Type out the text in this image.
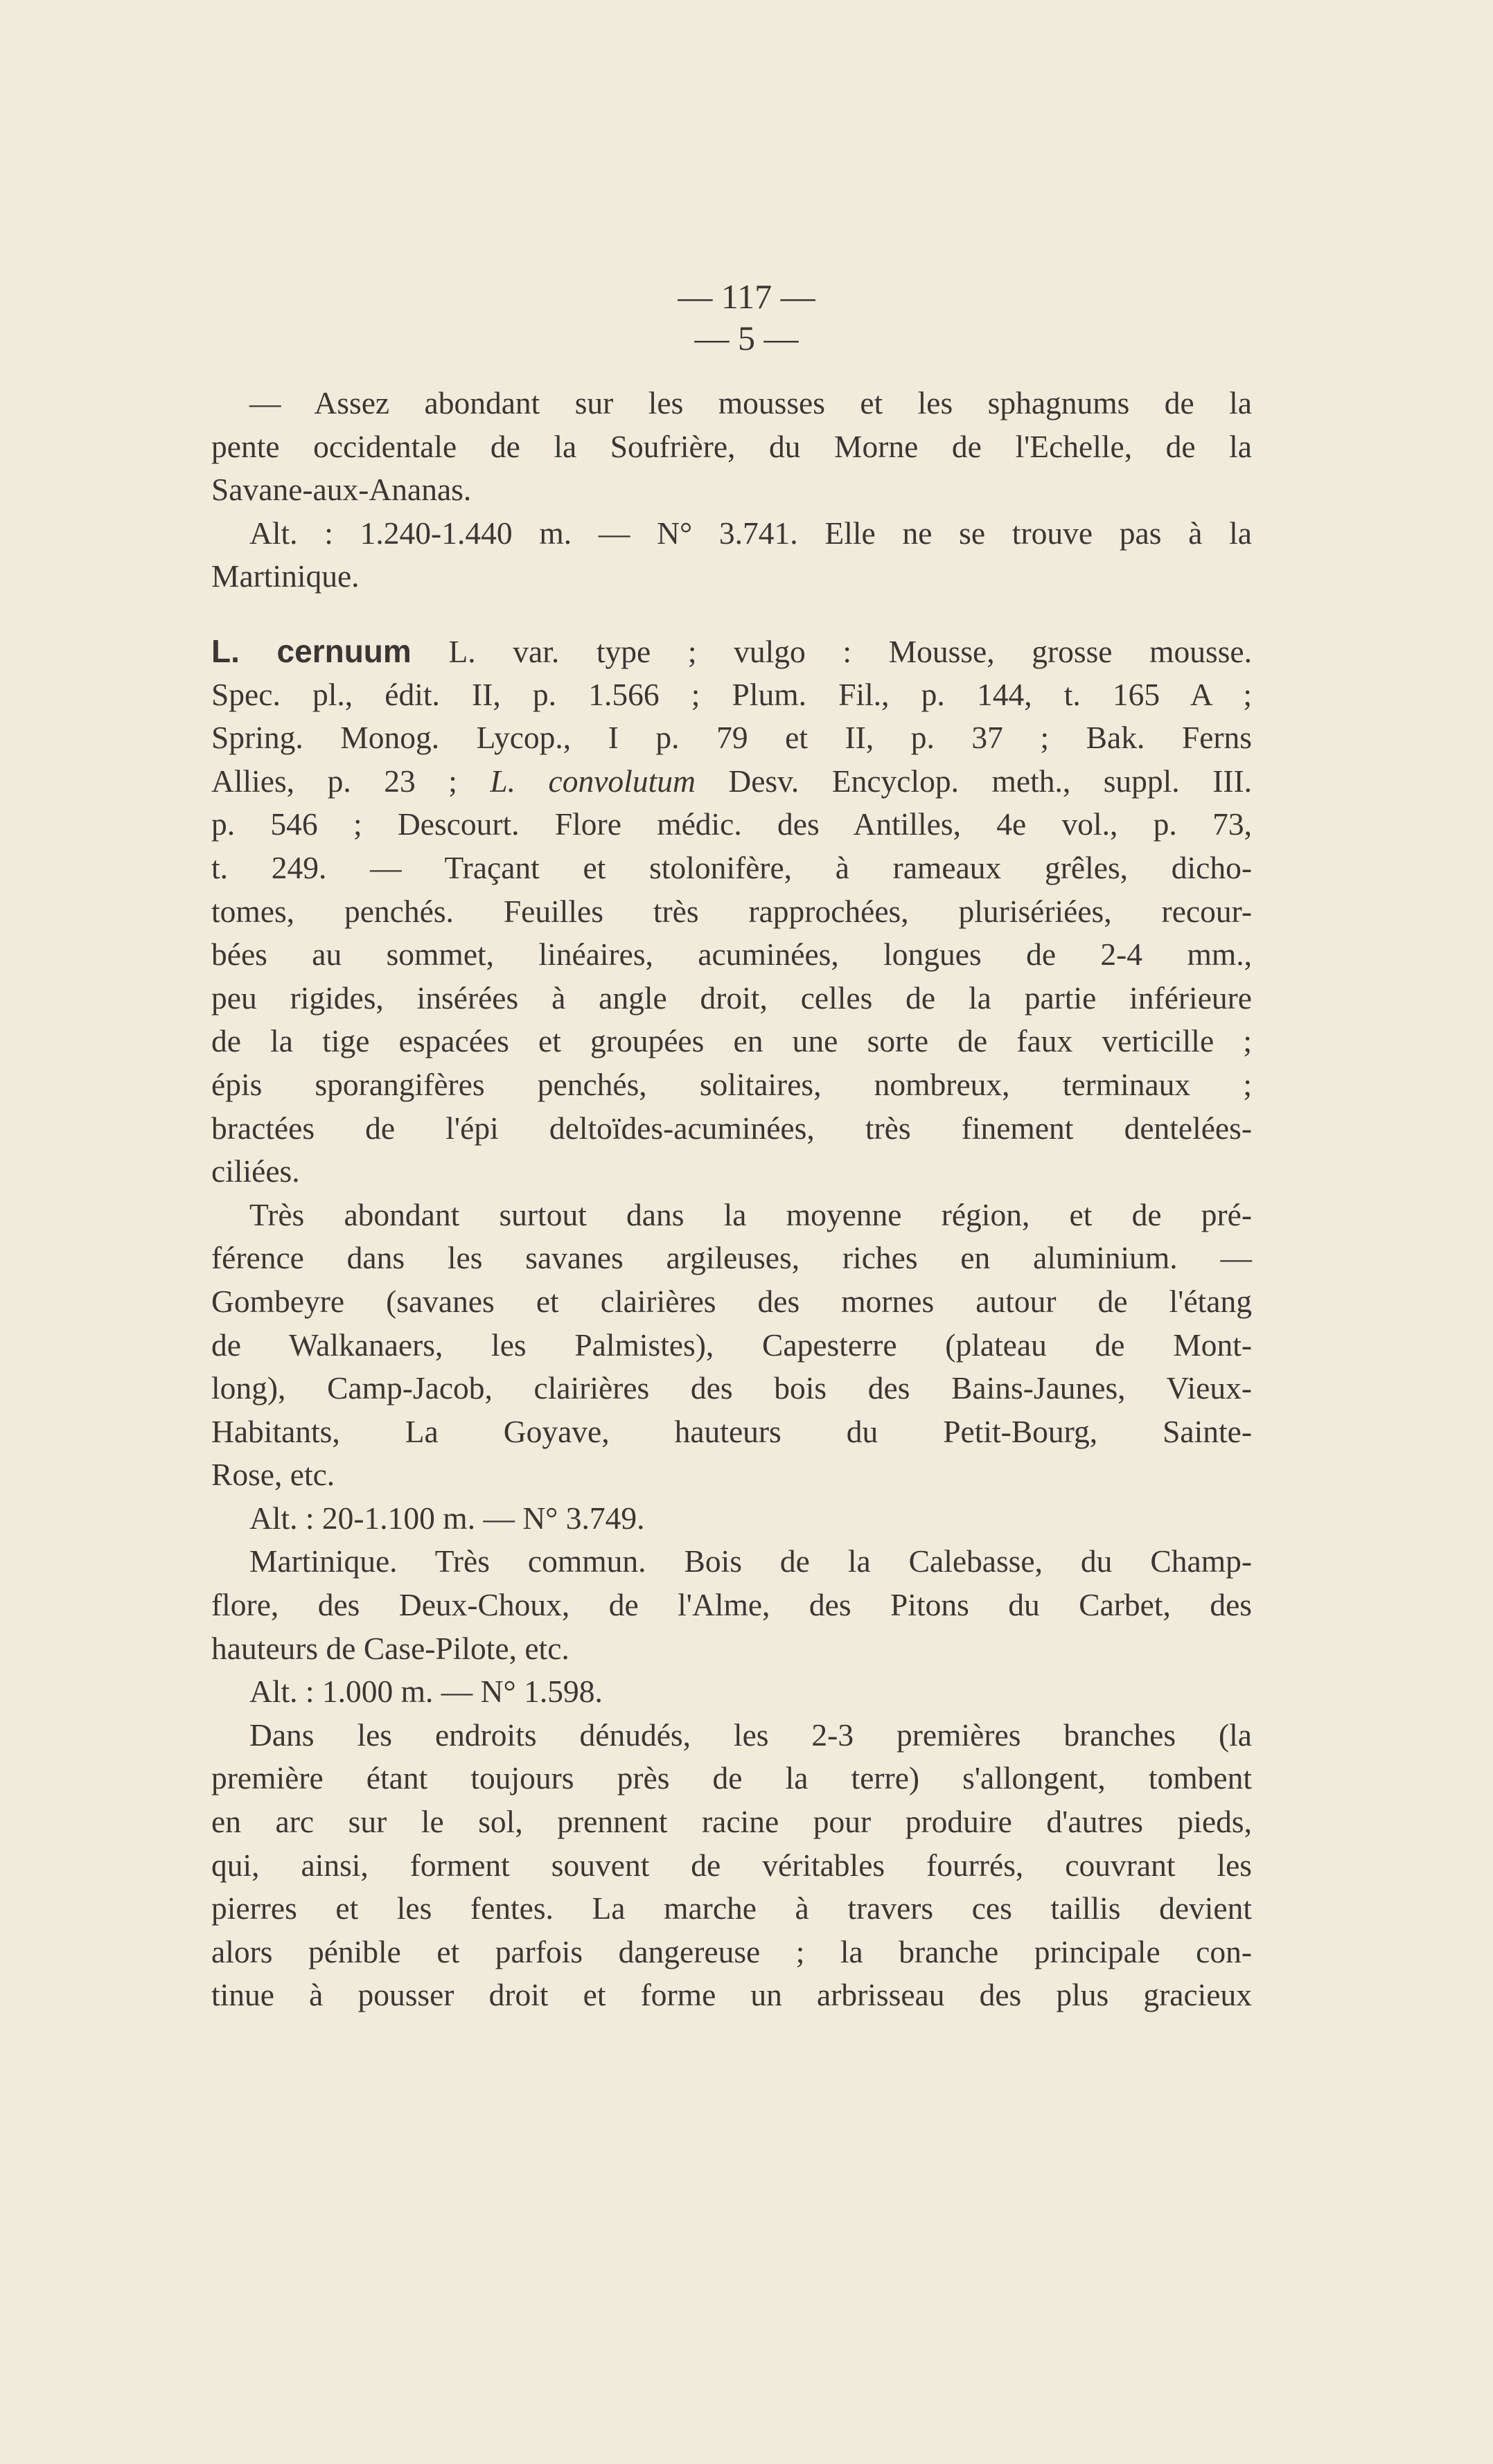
— 117 —
— 5 —
— Assez abondant sur les mousses et les sphagnums de la
pente occidentale de la Soufrière, du Morne de l'Echelle, de la
Savane-aux-Ananas.
Alt. : 1.240-1.440 m. — N° 3.741. Elle ne se trouve pas à la
Martinique.
L. cernuum L. var. type ; vulgo : Mousse, grosse mousse.
Spec. pl., édit. II, p. 1.566 ; Plum. Fil., p. 144, t. 165 A ;
Spring. Monog. Lycop., I p. 79 et II, p. 37 ; Bak. Ferns
Allies, p. 23 ; L. convolutum Desv. Encyclop. meth., suppl. III.
p. 546 ; Descourt. Flore médic. des Antilles, 4e vol., p. 73,
t. 249. — Traçant et stolonifère, à rameaux grêles, dicho-
tomes, penchés. Feuilles très rapprochées, plurisériées, recour-
bées au sommet, linéaires, acuminées, longues de 2-4 mm.,
peu rigides, insérées à angle droit, celles de la partie inférieure
de la tige espacées et groupées en une sorte de faux verticille ;
épis sporangifères penchés, solitaires, nombreux, terminaux ;
bractées de l'épi deltoïdes-acuminées, très finement dentelées-
ciliées.
Très abondant surtout dans la moyenne région, et de pré-
férence dans les savanes argileuses, riches en aluminium. —
Gombeyre (savanes et clairières des mornes autour de l'étang
de Walkanaers, les Palmistes), Capesterre (plateau de Mont-
long), Camp-Jacob, clairières des bois des Bains-Jaunes, Vieux-
Habitants, La Goyave, hauteurs du Petit-Bourg, Sainte-
Rose, etc.
Alt. : 20-1.100 m. — N° 3.749.
Martinique. Très commun. Bois de la Calebasse, du Champ-
flore, des Deux-Choux, de l'Alme, des Pitons du Carbet, des
hauteurs de Case-Pilote, etc.
Alt. : 1.000 m. — N° 1.598.
Dans les endroits dénudés, les 2-3 premières branches (la
première étant toujours près de la terre) s'allongent, tombent
en arc sur le sol, prennent racine pour produire d'autres pieds,
qui, ainsi, forment souvent de véritables fourrés, couvrant les
pierres et les fentes. La marche à travers ces taillis devient
alors pénible et parfois dangereuse ; la branche principale con-
tinue à pousser droit et forme un arbrisseau des plus gracieux
